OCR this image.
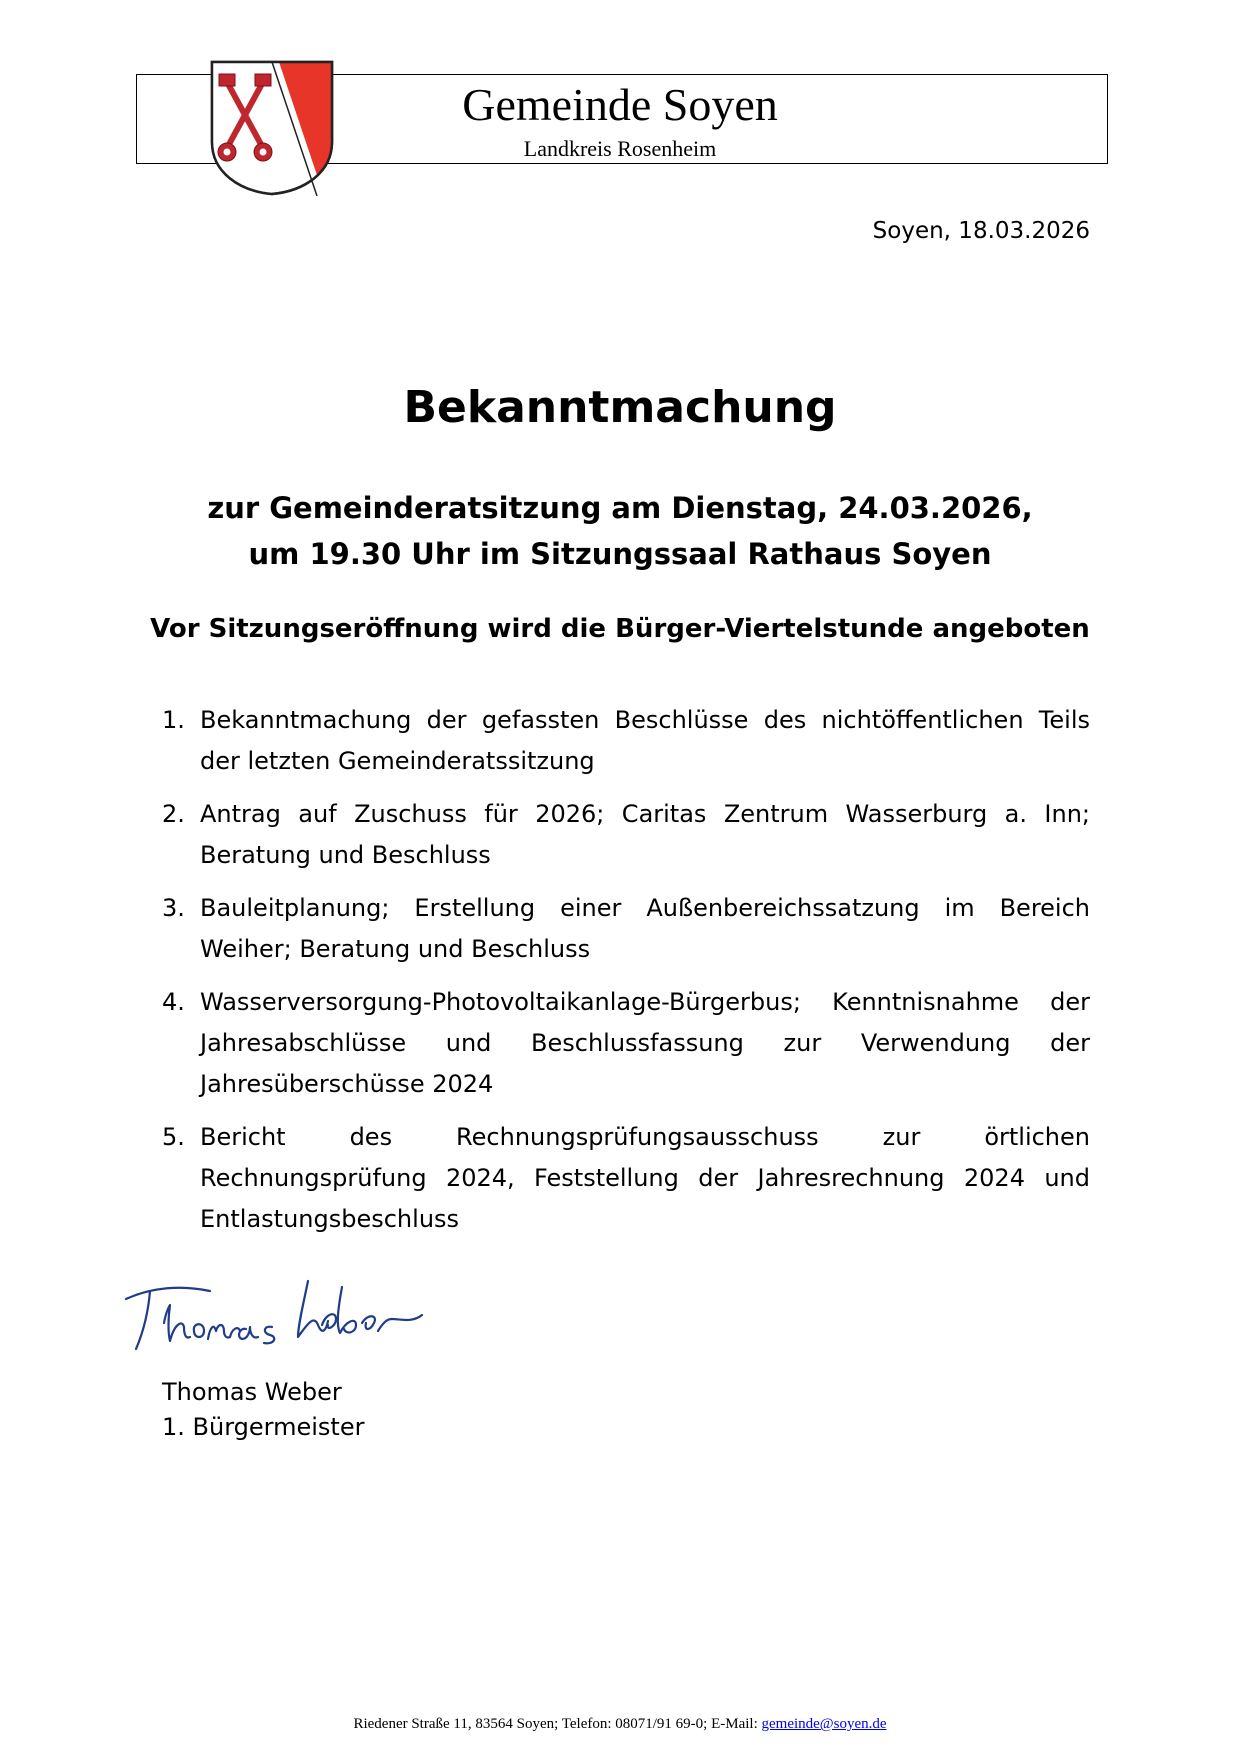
Gemeinde Soyen
Landkreis Rosenheim
Soyen, 18.03.2026
Bekanntmachung
zur Gemeinderatsitzung am Dienstag, 24.03.2026,
um 19.30 Uhr im Sitzungssaal Rathaus Soyen
Vor Sitzungseröffnung wird die Bürger-Viertelstunde angeboten
1. Bekanntmachung der gefassten Beschlüsse des nichtöffentlichen Teils der letzten Gemeinderatssitzung
2. Antrag auf Zuschuss für 2026; Caritas Zentrum Wasserburg a. Inn; Beratung und Beschluss
3. Bauleitplanung; Erstellung einer Außenbereichssatzung im Bereich Weiher; Beratung und Beschluss
4. Wasserversorgung-Photovoltaikanlage-Bürgerbus; Kenntnisnahme der Jahresabschlüsse und Beschlussfassung zur Verwendung der Jahresüberschüsse 2024
5. Bericht des Rechnungsprüfungsausschuss zur örtlichen Rechnungsprüfung 2024, Feststellung der Jahresrechnung 2024 und Entlastungsbeschluss
Thomas Weber
1. Bürgermeister
Riedener Straße 11, 83564 Soyen; Telefon: 08071/91 69-0; E-Mail: gemeinde@soyen.de
